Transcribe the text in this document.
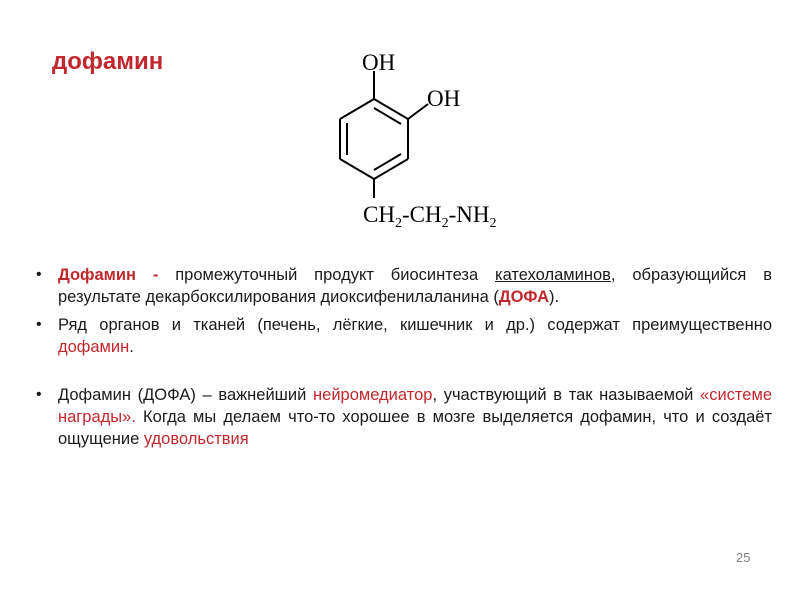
дофамин	OH
OH
$CH_2-CH_2-NH_2$
• Дофамин - промежуточный продукт биосинтеза катехоламинов, образующийся в результате декарбоксилирования диоксифенилаланина (ДОФА).
• Ряд органов и тканей (печень, лёгкие, кишечник и др.) содержат преимущественно дофамин.
• Дофамин (ДОФА) – важнейший нейромедиатор, участвующий в так называемой «системе награды». Когда мы делаем что-то хорошее в мозге выделяется дофамин, что и создаёт ощущение удовольствия
25
